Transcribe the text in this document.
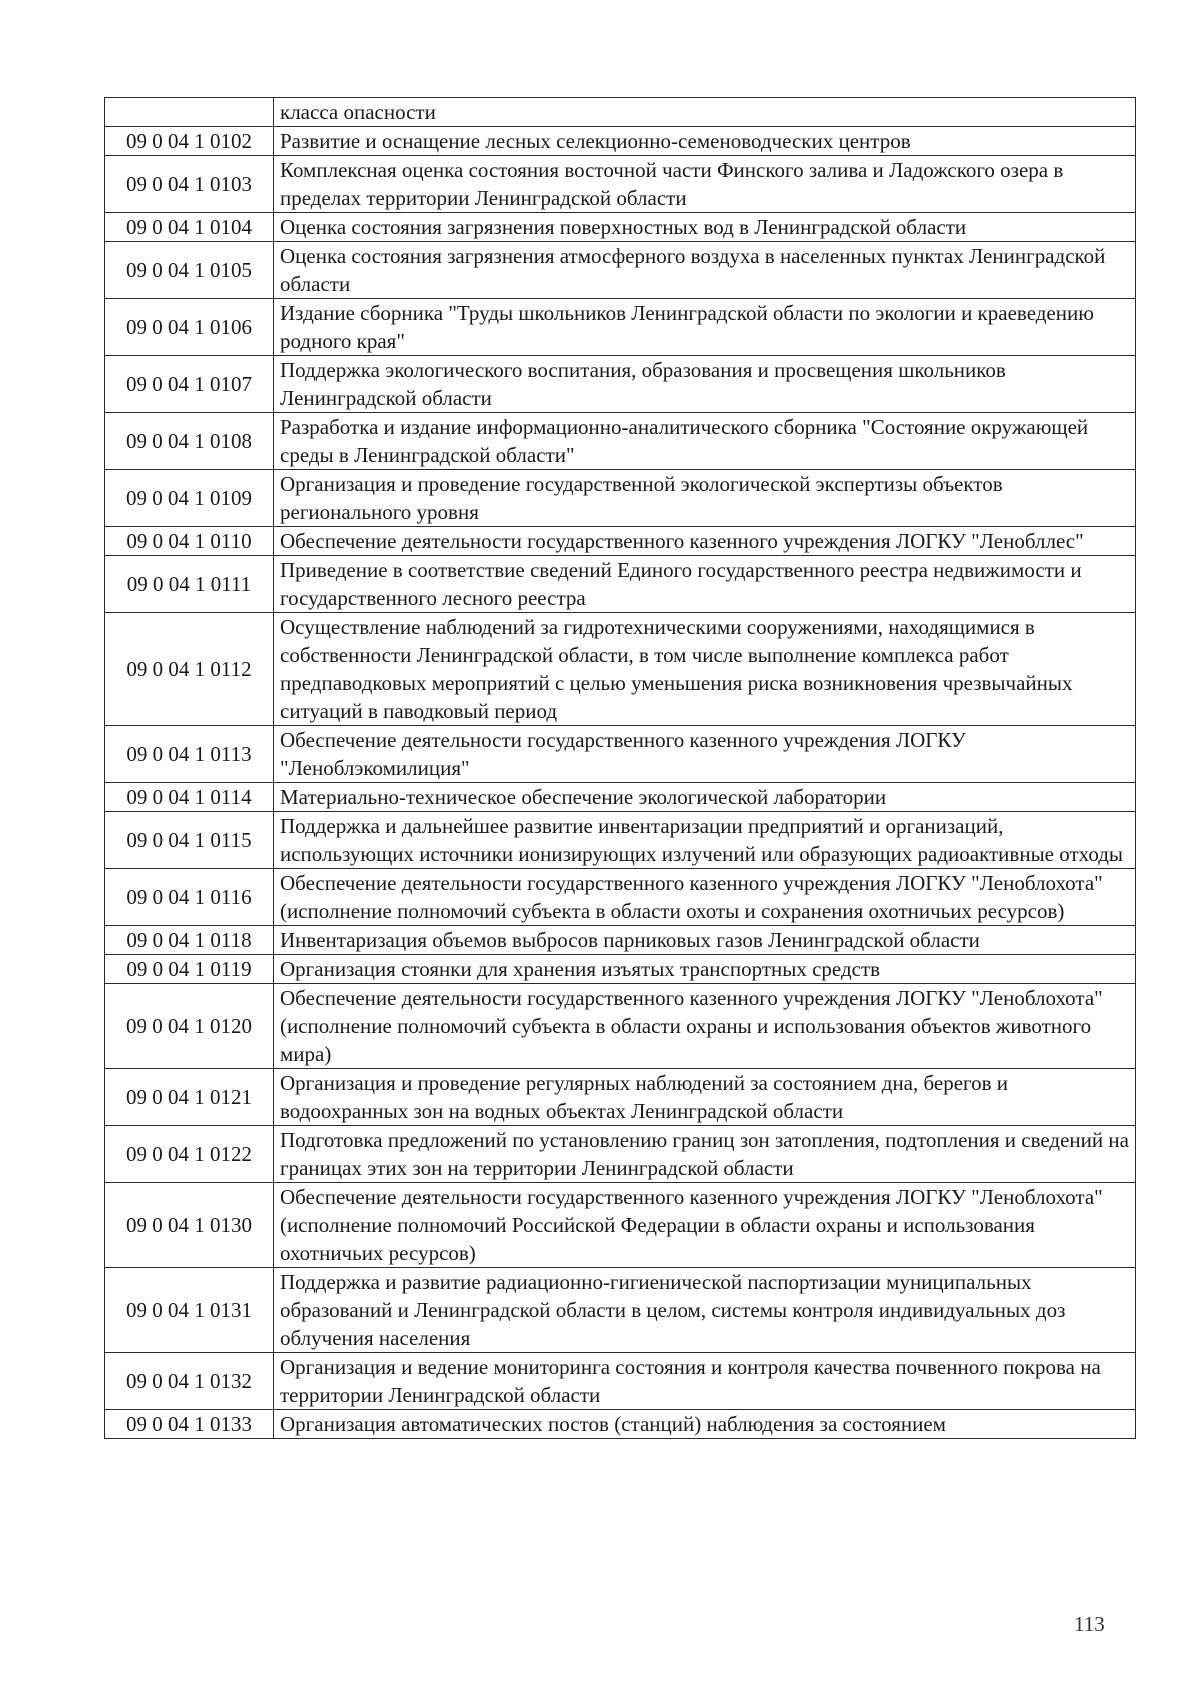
	класса опасности
09 0 04 1 0102	Развитие и оснащение лесных селекционно-семеноводческих центров
09 0 04 1 0103	Комплексная оценка состояния восточной части Финского залива и Ладожского озера в пределах территории Ленинградской области
09 0 04 1 0104	Оценка состояния загрязнения поверхностных вод в Ленинградской области
09 0 04 1 0105	Оценка состояния загрязнения атмосферного воздуха в населенных пунктах Ленинградской области
09 0 04 1 0106	Издание сборника "Труды школьников Ленинградской области по экологии и краеведению родного края"
09 0 04 1 0107	Поддержка экологического воспитания, образования и просвещения школьников Ленинградской области
09 0 04 1 0108	Разработка и издание информационно-аналитического сборника "Состояние окружающей среды в Ленинградской области"
09 0 04 1 0109	Организация и проведение государственной экологической экспертизы объектов регионального уровня
09 0 04 1 0110	Обеспечение деятельности государственного казенного учреждения ЛОГКУ "Ленобллес"
09 0 04 1 0111	Приведение в соответствие сведений Единого государственного реестра недвижимости и государственного лесного реестра
09 0 04 1 0112	Осуществление наблюдений за гидротехническими сооружениями, находящимися в собственности Ленинградской области, в том числе выполнение комплекса работ предпаводковых мероприятий с целью уменьшения риска возникновения чрезвычайных ситуаций в паводковый период
09 0 04 1 0113	Обеспечение деятельности государственного казенного учреждения ЛОГКУ "Леноблэкомилиция"
09 0 04 1 0114	Материально-техническое обеспечение экологической лаборатории
09 0 04 1 0115	Поддержка и дальнейшее развитие инвентаризации предприятий и организаций, использующих источники ионизирующих излучений или образующих радиоактивные отходы
09 0 04 1 0116	Обеспечение деятельности государственного казенного учреждения ЛОГКУ "Леноблохота" (исполнение полномочий субъекта в области охоты и сохранения охотничьих ресурсов)
09 0 04 1 0118	Инвентаризация объемов выбросов парниковых газов Ленинградской области
09 0 04 1 0119	Организация стоянки для хранения изъятых транспортных средств
09 0 04 1 0120	Обеспечение деятельности государственного казенного учреждения ЛОГКУ "Леноблохота" (исполнение полномочий субъекта в области охраны и использования объектов животного мира)
09 0 04 1 0121	Организация и проведение регулярных наблюдений за состоянием дна, берегов и водоохранных зон на водных объектах Ленинградской области
09 0 04 1 0122	Подготовка предложений по установлению границ зон затопления, подтопления и сведений на границах этих зон на территории Ленинградской области
09 0 04 1 0130	Обеспечение деятельности государственного казенного учреждения ЛОГКУ "Леноблохота" (исполнение полномочий Российской Федерации в области охраны и использования охотничьих ресурсов)
09 0 04 1 0131	Поддержка и развитие радиационно-гигиенической паспортизации муниципальных образований и Ленинградской области в целом, системы контроля индивидуальных доз облучения населения
09 0 04 1 0132	Организация и ведение мониторинга состояния и контроля качества почвенного покрова на территории Ленинградской области
09 0 04 1 0133	Организация автоматических постов (станций) наблюдения за состоянием
113
